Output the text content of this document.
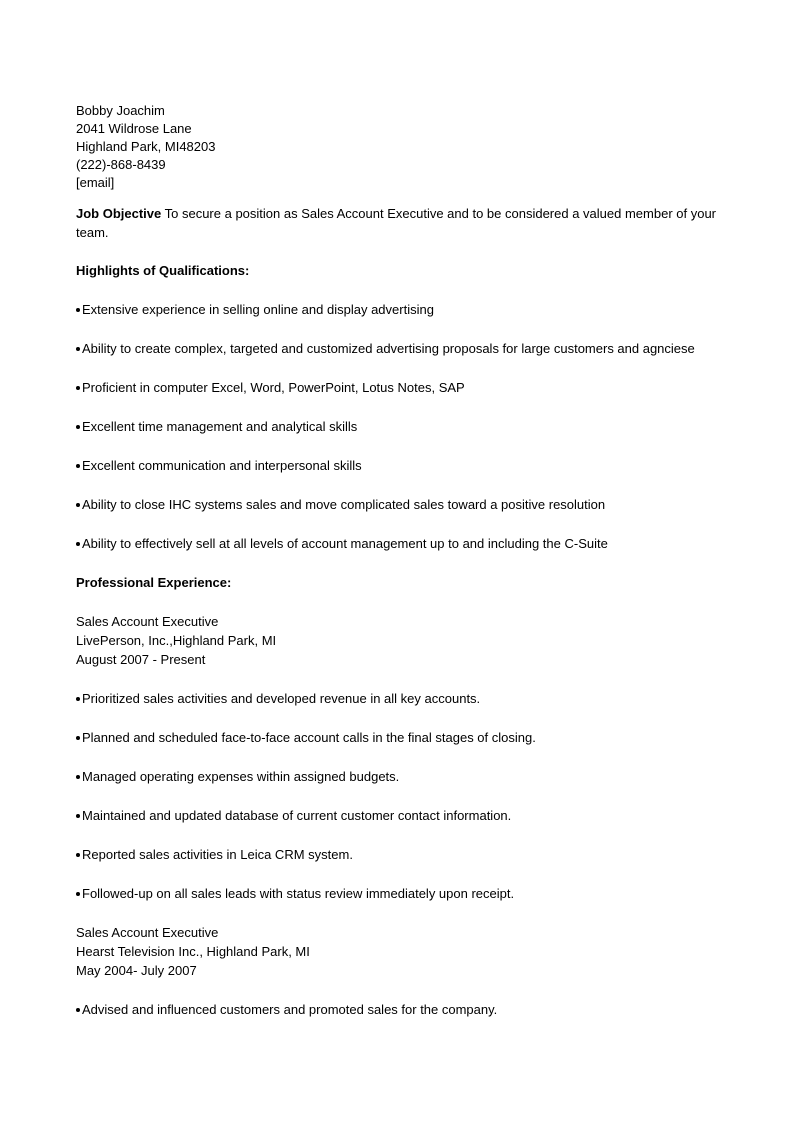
Bobby Joachim
2041 Wildrose Lane
Highland Park, MI48203
(222)-868-8439
[email]
Job Objective To secure a position as Sales Account Executive and to be considered a valued member of your team.
Highlights of Qualifications:
Extensive experience in selling online and display advertising
Ability to create complex, targeted and customized advertising proposals for large customers and agnciese
Proficient in computer Excel, Word, PowerPoint, Lotus Notes, SAP
Excellent time management and analytical skills
Excellent communication and interpersonal skills
Ability to close IHC systems sales and move complicated sales toward a positive resolution
Ability to effectively sell at all levels of account management up to and including the C-Suite
Professional Experience:
Sales Account Executive
LivePerson, Inc.,Highland Park, MI
August 2007 - Present
Prioritized sales activities and developed revenue in all key accounts.
Planned and scheduled face-to-face account calls in the final stages of closing.
Managed operating expenses within assigned budgets.
Maintained and updated database of current customer contact information.
Reported sales activities in Leica CRM system.
Followed-up on all sales leads with status review immediately upon receipt.
Sales Account Executive
Hearst Television Inc., Highland Park, MI
May 2004- July 2007
Advised and influenced customers and promoted sales for the company.
